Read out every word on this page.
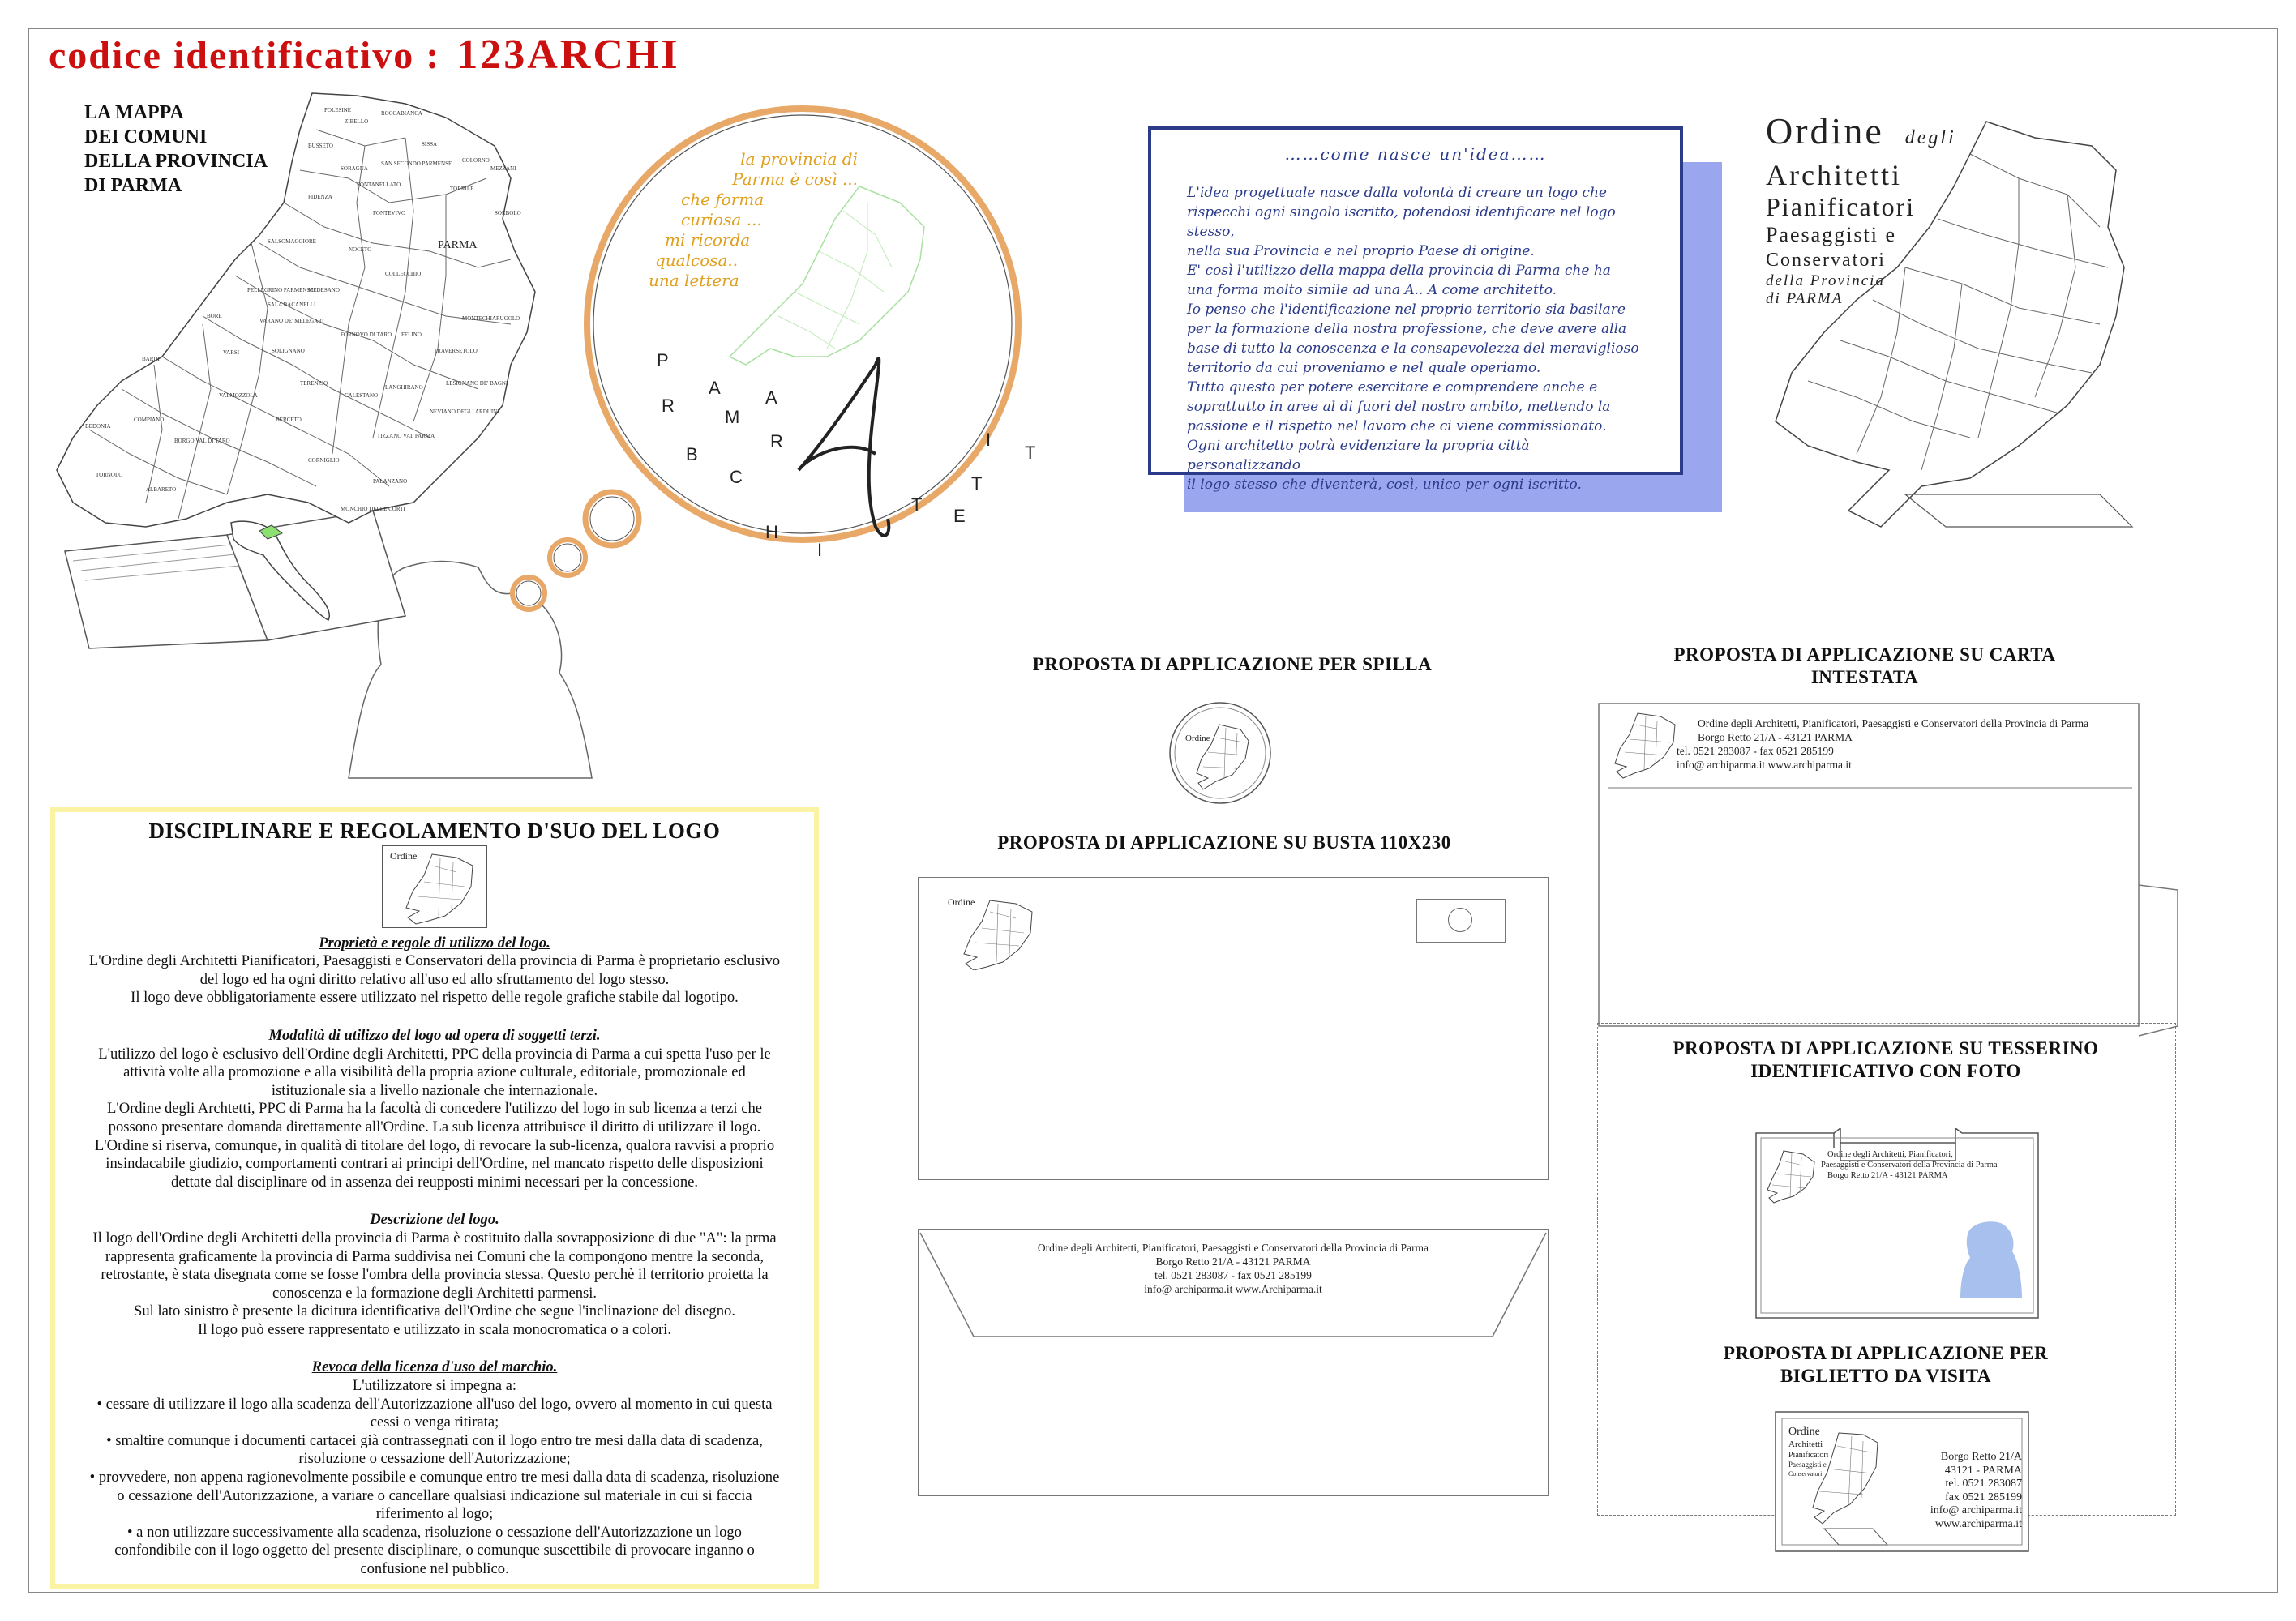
codice identificativo : 123ARCHI
LA MAPPA
DEI COMUNI
DELLA PROVINCIA
DI PARMA
POLESINE
ZIBELLO
ROCCABIANCA
BUSSETO
SAN SECONDO PARMENSE
SISSA
COLORNO
MEZZANI
SORAGNA
FONTANELLATO
TORRILE
FIDENZA
FONTEVIVO	SORBOLO
SALSOMAGGIORE
NOCETO
COLLECCHIO
PELLEGRINO PARMENSE
MEDESANO
VARANO DE' MELEGARI	MONTECHIARUGOLO
BORE
SALA BACANELLI
FORNOVO DI TARO
TRAVERSETOLO
VARSI	SOLIGNANO
FELINO
BARDI
TERENZIO
CALESTANO
LESIGNANO DE' BAGNI
VALMOZZOLA
LANGHIRANO
NEVIANO DEGLI ARDUINI
BEDONIA
COMPIANO	BERCETO
TIZZANO VAL PARMA
BORGO VAL DI TARO
CORNIGLIO
TORNOLO
ALBARETO
PALANZANO
MONCHIO DELLE CORTI
PARMA
A
la provincia di
Parma è così ...
che forma
curiosa ...
mi ricorda
qualcosa..
una lettera
P
R
B
A
M
C
H
A
R
I
T
E
T
T
I
……come nasce un'idea……
L'idea progettuale nasce dalla volontà di creare un logo che
rispecchi ogni singolo iscritto, potendosi identificare nel logo stesso,
nella sua Provincia e nel proprio Paese di origine.
E' così l'utilizzo della mappa della provincia di Parma che ha
una forma molto simile ad una A.. A come architetto.
Io penso che l'identificazione nel proprio territorio sia basilare
per la formazione della nostra professione, che deve avere alla
base di tutto la conoscenza e la consapevolezza del meraviglioso
territorio da cui proveniamo e nel quale operiamo.
Tutto questo per potere esercitare e comprendere anche e
soprattutto in aree al di fuori del nostro ambito, mettendo la
passione e il rispetto nel lavoro che ci viene commissionato.
Ogni architetto potrà evidenziare la propria città personalizzando
il logo stesso che diventerà, così, unico per ogni iscritto.
Ordine degli
Architetti
Pianificatori
Paesaggisti e
Conservatori
della Provincia
di PARMA
DISCIPLINARE E REGOLAMENTO D'SUO DEL LOGO
Ordine
Proprietà e regole di utilizzo del logo.

L'Ordine degli Architetti Pianificatori, Paesaggisti e Conservatori della provincia di Parma è proprietario esclusivo

del logo ed ha ogni diritto relativo all'uso ed allo sfruttamento del logo stesso.

Il logo deve obbligatoriamente essere utilizzato nel rispetto delle regole grafiche stabile dal logotipo.

Modalità di utilizzo del logo ad opera di soggetti terzi.

L'utilizzo del logo è esclusivo dell'Ordine degli Architetti, PPC della provincia di Parma a cui spetta l'uso per le

attività volte alla promozione e alla visibilità della propria azione culturale, editoriale, promozionale ed

istituzionale sia a livello nazionale che internazionale.

L'Ordine degli Archtetti, PPC di Parma ha la facoltà di concedere l'utilizzo del logo in sub licenza a terzi che

possono presentare domanda direttamente all'Ordine. La sub licenza attribuisce il diritto di utilizzare il logo.

L'Ordine si riserva, comunque, in qualità di titolare del logo, di revocare la sub-licenza, qualora ravvisi a proprio

insindacabile giudizio, comportamenti contrari ai principi dell'Ordine, nel mancato rispetto delle disposizioni

dettate dal disciplinare od in assenza dei reupposti minimi necessari per la concessione.

Descrizione del logo.

Il logo dell'Ordine degli Architetti della provincia di Parma è costituito dalla sovrapposizione di due "A": la prma

rappresenta graficamente la provincia di Parma suddivisa nei Comuni che la compongono mentre la seconda,

retrostante, è stata disegnata come se fosse l'ombra della provincia stessa. Questo perchè il territorio proietta la

conoscenza e la formazione degli Architetti parmensi.

Sul lato sinistro è presente la dicitura identificativa dell'Ordine che segue l'inclinazione del disegno.

Il logo può essere rappresentato e utilizzato in scala monocromatica o a colori.

Revoca della licenza d'uso del marchio.

L'utilizzatore si impegna a:

• cessare di utilizzare il logo alla scadenza dell'Autorizzazione all'uso del logo, ovvero al momento in cui questa

cessi o venga ritirata;

• smaltire comunque i documenti cartacei già contrassegnati con il logo entro tre mesi dalla data di scadenza,

risoluzione o cessazione dell'Autorizzazione;

• provvedere, non appena ragionevolmente possibile e comunque entro tre mesi dalla data di scadenza, risoluzione

o cessazione dell'Autorizzazione, a variare o cancellare qualsiasi indicazione sul materiale in cui si faccia

riferimento al logo;

• a non utilizzare successivamente alla scadenza, risoluzione o cessazione dell'Autorizzazione un logo

confondibile con il logo oggetto del presente disciplinare, o comunque suscettibile di provocare inganno o

confusione nel pubblico.

PROPOSTA DI APPLICAZIONE PER SPILLA
Ordine
PROPOSTA DI APPLICAZIONE SU BUSTA 110X230
Ordine
Ordine degli Architetti, Pianificatori, Paesaggisti e Conservatori della Provincia di Parma
Borgo Retto 21/A - 43121 PARMA
tel. 0521 283087 - fax 0521 285199
info@ archiparma.it www.Archiparma.it
PROPOSTA DI APPLICAZIONE SU CARTA
INTESTATA
Ordine degli Architetti, Pianificatori, Paesaggisti e Conservatori della Provincia di Parma
Borgo Retto 21/A - 43121 PARMA
tel. 0521 283087 - fax 0521 285199
info@ archiparma.it www.archiparma.it
PROPOSTA DI APPLICAZIONE SU TESSERINO
IDENTIFICATIVO CON FOTO
Ordine degli Architetti, Pianificatori,
Paesaggisti e Conservatori della Provincia di Parma
Borgo Retto 21/A - 43121 PARMA
PROPOSTA DI APPLICAZIONE PER
BIGLIETTO DA VISITA
Ordine
Architetti
Pianificatori
Paesaggisti e
Conservatori
Borgo Retto 21/A
43121 - PARMA
tel. 0521 283087
fax 0521 285199
info@ archiparma.it
www.archiparma.it
